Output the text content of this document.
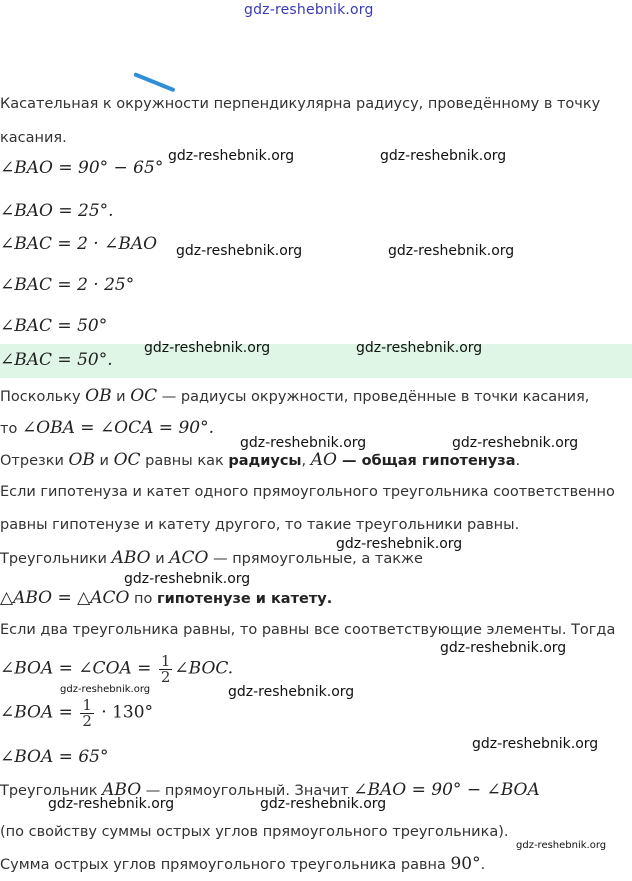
gdz-reshebnik.org
Касательная к окружности перпендикулярна радиусу, проведённому в точку
касания.
∠BAO = 90° − 65°
∠BAO = 25°.
∠BAC = 2 · ∠BAO
∠BAC = 2 · 25°
∠BAC = 50°
∠BAC = 50°.
Поскольку OB и OC — радиусы окружности, проведённые в точки касания,
то ∠OBA = ∠OCA = 90°.
Отрезки OB и OC равны как радиусы, AO — общая гипотенуза.
Если гипотенуза и катет одного прямоугольного треугольника соответственно
равны гипотенузе и катету другого, то такие треугольники равны.
Треугольники ABO и ACO — прямоугольные, а также
△ABO = △ACO по гипотенузе и катету.
Если два треугольника равны, то равны все соответствующие элементы. Тогда
∠BOA = ∠COA = $\frac{1}{2}$ ∠BOC.
∠BOA = $\frac{1}{2} \cdot 130^\circ$
∠BOA = 65°
Треугольник ABO — прямоугольный. Значит ∠BAO = 90° − ∠BOA
(по свойству суммы острых углов прямоугольного треугольника).
Сумма острых углов прямоугольного треугольника равна 90°.
gdz-reshebnik.org	gdz-reshebnik.org
gdz-reshebnik.org	gdz-reshebnik.org
gdz-reshebnik.org	gdz-reshebnik.org
gdz-reshebnik.org	gdz-reshebnik.org
gdz-reshebnik.org
gdz-reshebnik.org
gdz-reshebnik.org
gdz-reshebnik.org	gdz-reshebnik.org
gdz-reshebnik.org
gdz-reshebnik.org	gdz-reshebnik.org
gdz-reshebnik.org
